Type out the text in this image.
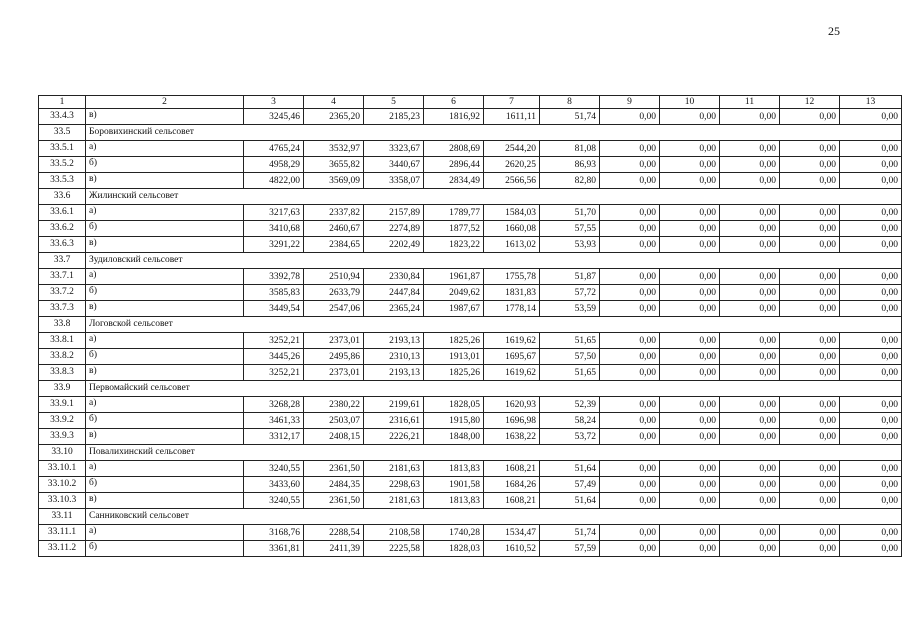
25
1	2	3	4	5	6	7	8	9	10	11	12	13
33.4.3	в)	3245,46	2365,20	2185,23	1816,92	1611,11	51,74	0,00	0,00	0,00	0,00	0,00
33.5	Боровихинский сельсовет											
33.5.1	а)	4765,24	3532,97	3323,67	2808,69	2544,20	81,08	0,00	0,00	0,00	0,00	0,00
33.5.2	б)	4958,29	3655,82	3440,67	2896,44	2620,25	86,93	0,00	0,00	0,00	0,00	0,00
33.5.3	в)	4822,00	3569,09	3358,07	2834,49	2566,56	82,80	0,00	0,00	0,00	0,00	0,00
33.6	Жилинский сельсовет											
33.6.1	а)	3217,63	2337,82	2157,89	1789,77	1584,03	51,70	0,00	0,00	0,00	0,00	0,00
33.6.2	б)	3410,68	2460,67	2274,89	1877,52	1660,08	57,55	0,00	0,00	0,00	0,00	0,00
33.6.3	в)	3291,22	2384,65	2202,49	1823,22	1613,02	53,93	0,00	0,00	0,00	0,00	0,00
33.7	Зудиловский сельсовет											
33.7.1	а)	3392,78	2510,94	2330,84	1961,87	1755,78	51,87	0,00	0,00	0,00	0,00	0,00
33.7.2	б)	3585,83	2633,79	2447,84	2049,62	1831,83	57,72	0,00	0,00	0,00	0,00	0,00
33.7.3	в)	3449,54	2547,06	2365,24	1987,67	1778,14	53,59	0,00	0,00	0,00	0,00	0,00
33.8	Логовской сельсовет											
33.8.1	а)	3252,21	2373,01	2193,13	1825,26	1619,62	51,65	0,00	0,00	0,00	0,00	0,00
33.8.2	б)	3445,26	2495,86	2310,13	1913,01	1695,67	57,50	0,00	0,00	0,00	0,00	0,00
33.8.3	в)	3252,21	2373,01	2193,13	1825,26	1619,62	51,65	0,00	0,00	0,00	0,00	0,00
33.9	Первомайский сельсовет											
33.9.1	а)	3268,28	2380,22	2199,61	1828,05	1620,93	52,39	0,00	0,00	0,00	0,00	0,00
33.9.2	б)	3461,33	2503,07	2316,61	1915,80	1696,98	58,24	0,00	0,00	0,00	0,00	0,00
33.9.3	в)	3312,17	2408,15	2226,21	1848,00	1638,22	53,72	0,00	0,00	0,00	0,00	0,00
33.10	Повалихинский сельсовет											
33.10.1	а)	3240,55	2361,50	2181,63	1813,83	1608,21	51,64	0,00	0,00	0,00	0,00	0,00
33.10.2	б)	3433,60	2484,35	2298,63	1901,58	1684,26	57,49	0,00	0,00	0,00	0,00	0,00
33.10.3	в)	3240,55	2361,50	2181,63	1813,83	1608,21	51,64	0,00	0,00	0,00	0,00	0,00
33.11	Санниковский сельсовет											
33.11.1	а)	3168,76	2288,54	2108,58	1740,28	1534,47	51,74	0,00	0,00	0,00	0,00	0,00
33.11.2	б)	3361,81	2411,39	2225,58	1828,03	1610,52	57,59	0,00	0,00	0,00	0,00	0,00
